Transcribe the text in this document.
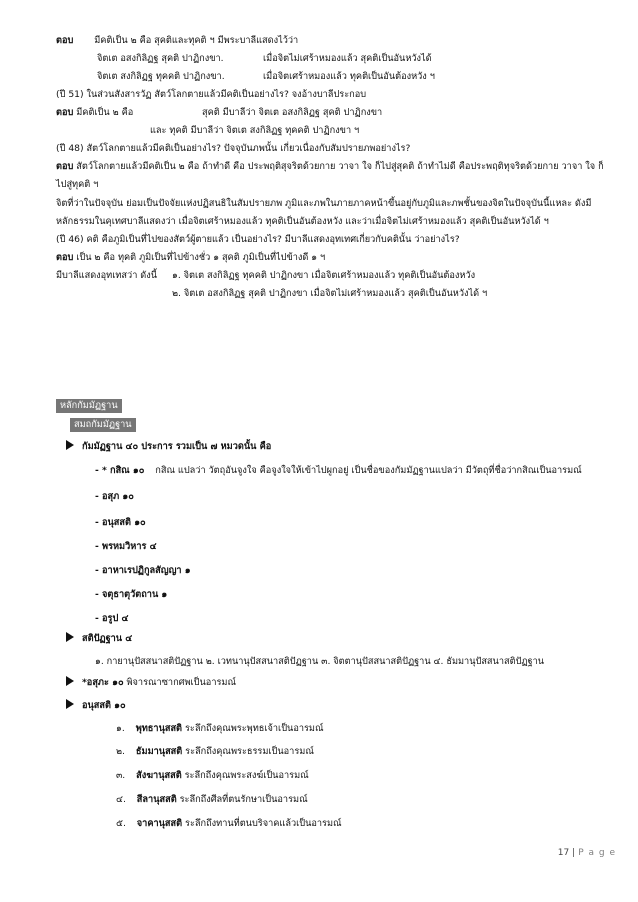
ตอบ มีคติเป็น ๒ คือ สุคติและทุคติ ฯ มีพระบาลีแสดงไว้ว่า
จิตเต อสงกิลิฏฐ สุคติ ปาฏิกงขา.	เมื่อจิตไม่เศร้าหมองแล้ว สุคติเป็นอันหวังได้
จิตเต สงกิลิฏฐ ทุคคติ ปาฏิกงขา.	เมื่อจิตเศร้าหมองแล้ว ทุคติเป็นอันต้องหวัง ฯ
(ปี 51) ในส่วนสังสารวัฏ สัตว์โลกตายแล้วมีคติเป็นอย่างไร? จงอ้างบาลีประกอบ
ตอบ มีคติเป็น ๒ คือ	สุคติ มีบาลีว่า จิตเต อสงกิลิฏฐ สุคติ ปาฏิกงขา
และ ทุคติ มีบาลีว่า จิตเต สงกิลิฏฐ ทุคคติ ปาฏิกงขา ฯ
(ปี 48) สัตว์โลกตายแล้วมีคติเป็นอย่างไร? ปัจจุบันภพนั้น เกี่ยวเนื่องกับสัมปรายภพอย่างไร?
ตอบ สัตว์โลกตายแล้วมีคติเป็น ๒ คือ ถ้าทำดี คือ ประพฤติสุจริตด้วยกาย วาจา ใจ ก็ไปสู่สุคติ ถ้าทำไม่ดี คือประพฤติทุจริตด้วยกาย วาจา ใจ ก็
ไปสู่ทุคติ ฯ
จิตที่ว่าในปัจจุบัน ย่อมเป็นปัจจัยแห่งปฏิสนธิในสัมปรายภพ ภูมิและภพในภายภาคหน้าขึ้นอยู่กับภูมิและภพชั้นของจิตในปัจจุบันนี้แหละ ดังมี
หลักธรรมในคุเทศบาลีแสดงว่า เมื่อจิตเศร้าหมองแล้ว ทุคติเป็นอันต้องหวัง และว่าเมื่อจิตไม่เศร้าหมองแล้ว สุคติเป็นอันหวังได้ ฯ
(ปี 46) คติ คือภูมิเป็นที่ไปของสัตว์ผู้ตายแล้ว เป็นอย่างไร? มีบาลีแสดงอุทเทศเกี่ยวกับคตินั้น ว่าอย่างไร?
ตอบ เป็น ๒ คือ ทุคติ ภูมิเป็นที่ไปข้างชั่ว ๑ สุคติ ภูมิเป็นที่ไปข้างดี ๑ ฯ
มีบาลีแสดงอุทเทสว่า ดังนี้ ๑. จิตเต สงกิลิฏฐ ทุคคติ ปาฏิกงขา เมื่อจิตเศร้าหมองแล้ว ทุคติเป็นอันต้องหวัง
๒. จิตเต อสงกิลิฏฐ สุคติ ปาฏิกงขา เมื่อจิตไม่เศร้าหมองแล้ว สุคติเป็นอันหวังได้ ฯ
หลักกัมมัฏฐาน
สมถกัมมัฏฐาน
กัมมัฏฐาน ๔๐ ประการ รวมเป็น ๗ หมวดนั้น คือ
- * กสิณ ๑๐ กสิณ แปลว่า วัตถุอันจูงใจ คือจูงใจให้เข้าไปผูกอยู่ เป็นชื่อของกัมมัฏฐานแปลว่า มีวัตถุที่ชื่อว่ากสิณเป็นอารมณ์
- อสุภ ๑๐
- อนุสสติ ๑๐
- พรหมวิหาร ๔
- อาหาเรปฏิกูลสัญญา ๑
- จตุธาตุวัตถาน ๑
- อรูป ๔
สติปัฏฐาน ๔
๑. กายานุปัสสนาสติปัฏฐาน ๒. เวทนานุปัสสนาสติปัฏฐาน ๓. จิตตานุปัสสนาสติปัฏฐาน ๔. ธัมมานุปัสสนาสติปัฏฐาน
*อสุภะ ๑๐ พิจารณาซากศพเป็นอารมณ์
อนุสสติ ๑๐
๑. พุทธานุสสติ ระลึกถึงคุณพระพุทธเจ้าเป็นอารมณ์
๒. ธัมมานุสสติ ระลึกถึงคุณพระธรรมเป็นอารมณ์
๓. สังฆานุสสติ ระลึกถึงคุณพระสงฆ์เป็นอารมณ์
๔. สีลานุสสติ ระลึกถึงศีลที่ตนรักษาเป็นอารมณ์
๕. จาคานุสสติ ระลึกถึงทานที่ตนบริจาคแล้วเป็นอารมณ์
17 | P a g e
